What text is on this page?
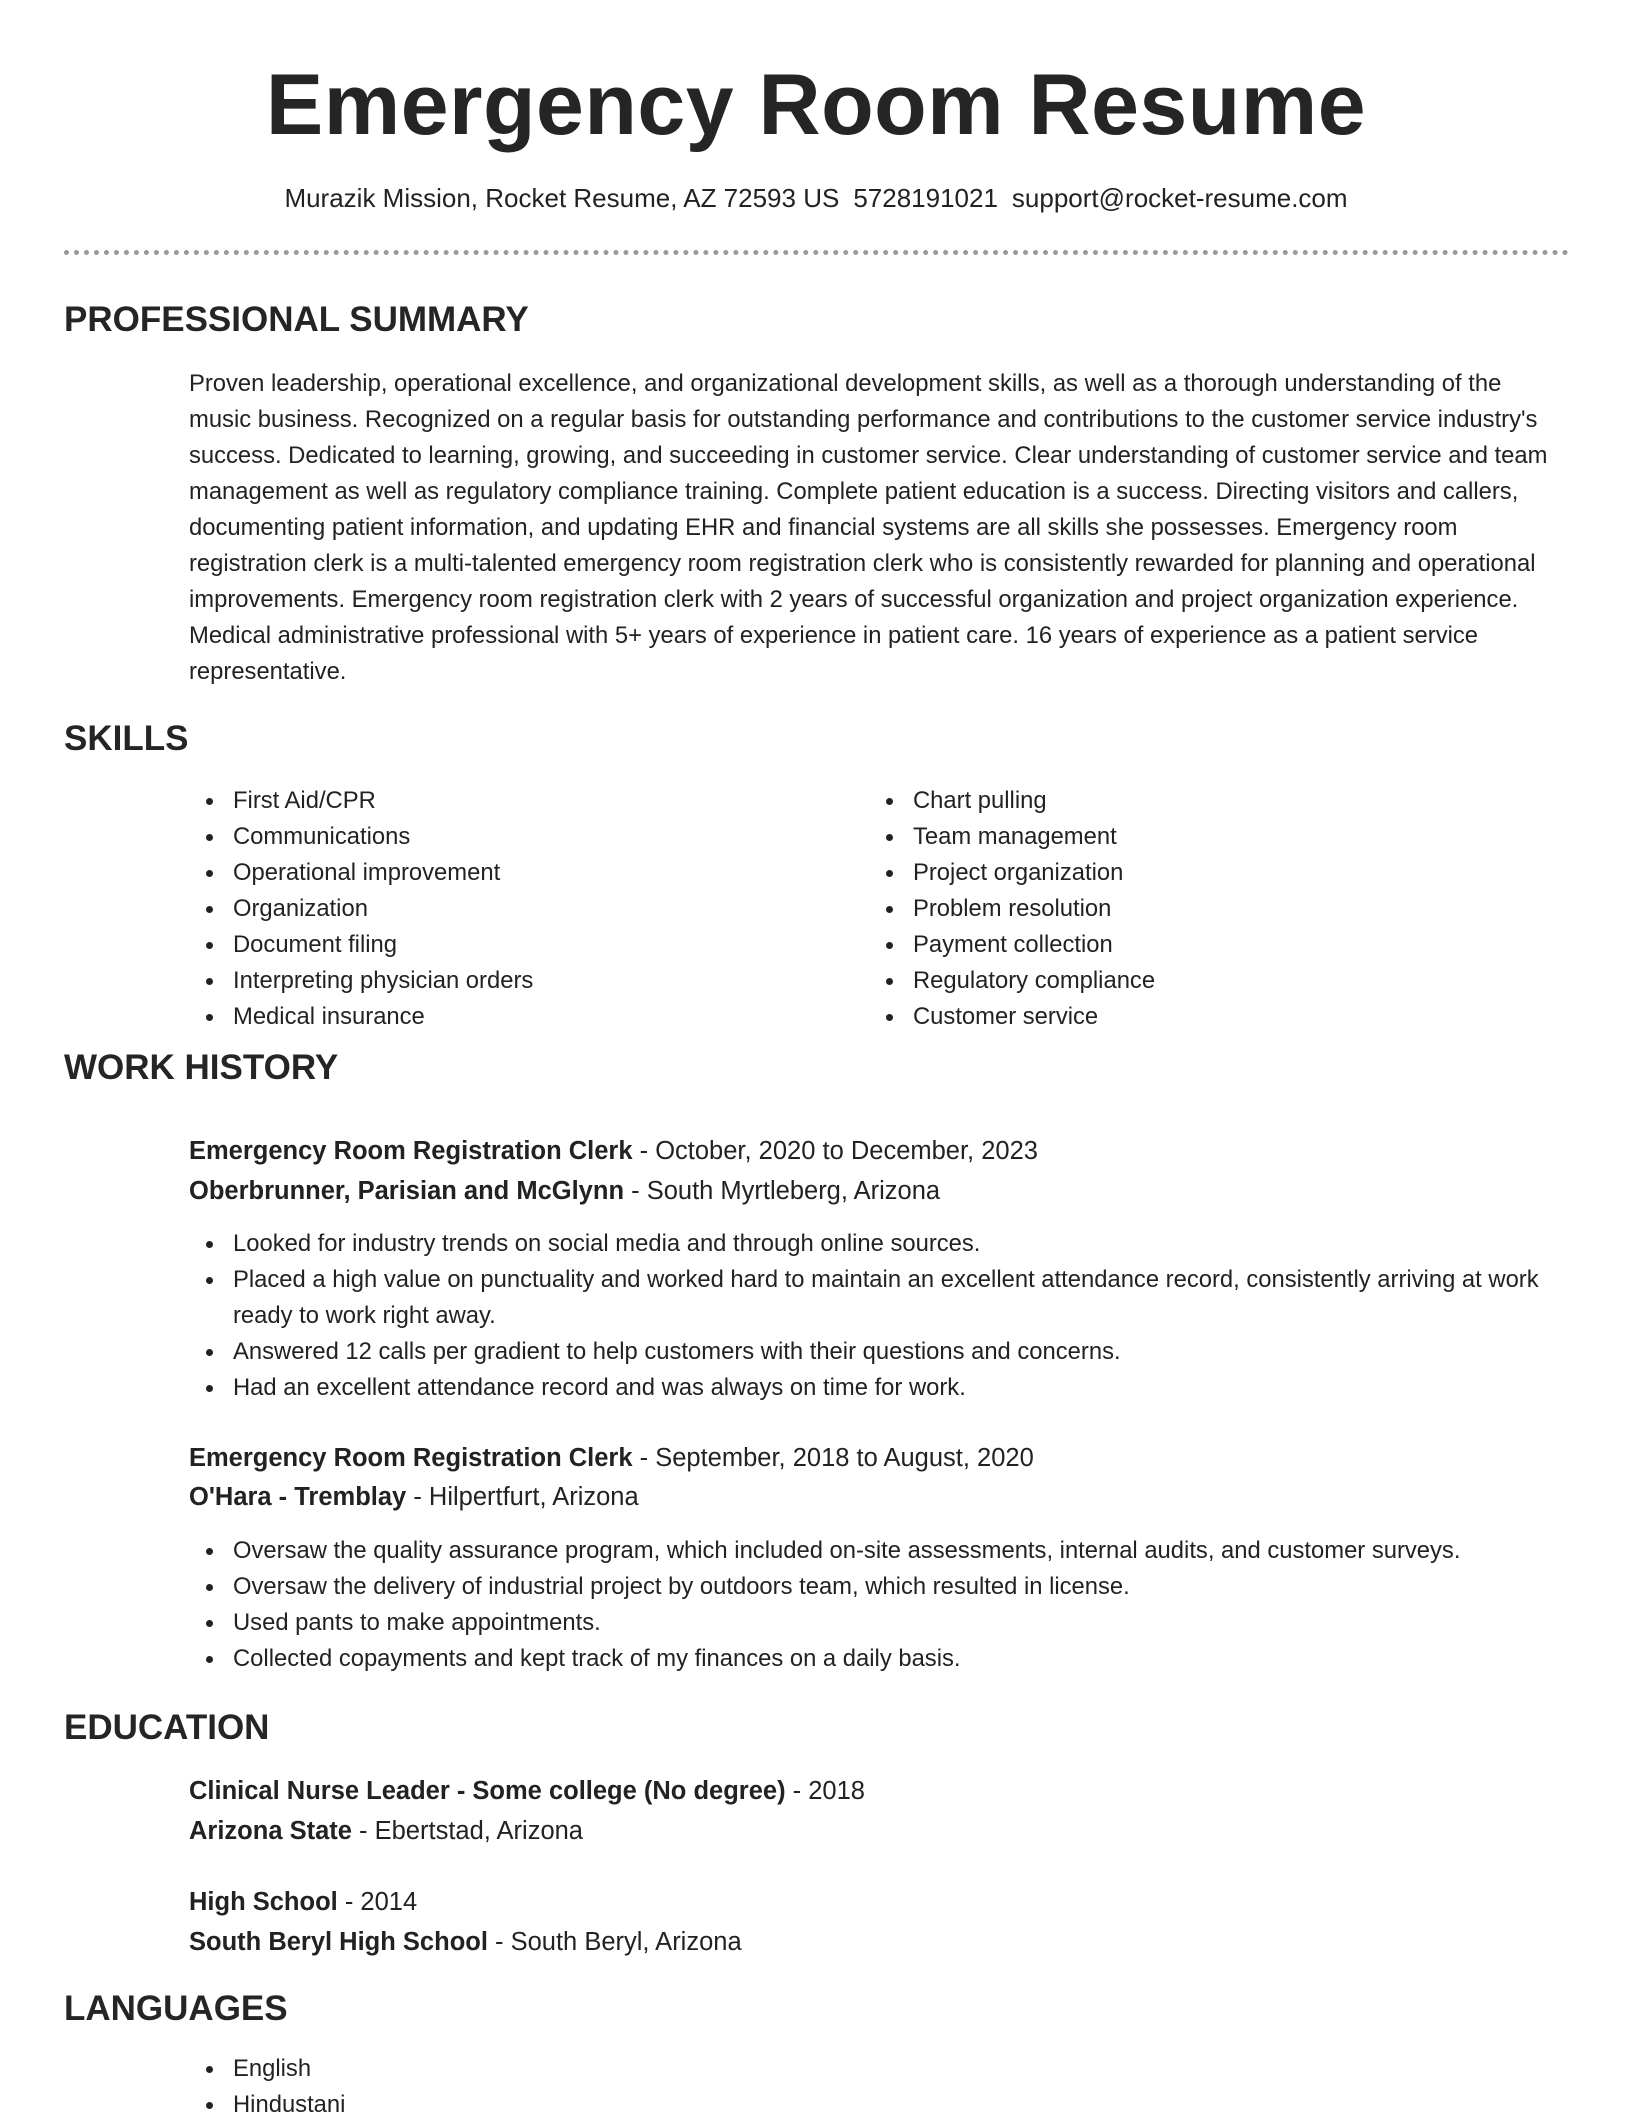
Emergency Room Resume
Murazik Mission, Rocket Resume, AZ 72593 US 5728191021 support@rocket-resume.com
PROFESSIONAL SUMMARY

Proven leadership, operational excellence, and organizational development skills, as well as a thorough understanding of the music business. Recognized on a regular basis for outstanding performance and contributions to the customer service industry's success. Dedicated to learning, growing, and succeeding in customer service. Clear understanding of customer service and team management as well as regulatory compliance training. Complete patient education is a success. Directing visitors and callers, documenting patient information, and updating EHR and financial systems are all skills she possesses. Emergency room registration clerk is a multi-talented emergency room registration clerk who is consistently rewarded for planning and operational improvements. Emergency room registration clerk with 2 years of successful organization and project organization experience. Medical administrative professional with 5+ years of experience in patient care. 16 years of experience as a patient service representative.

SKILLS
First Aid/CPR
Communications
Operational improvement
Organization
Document filing
Interpreting physician orders
Medical insurance
Chart pulling
Team management
Project organization
Problem resolution
Payment collection
Regulatory compliance
Customer service
WORK HISTORY
Emergency Room Registration Clerk - October, 2020 to December, 2023
Oberbrunner, Parisian and McGlynn - South Myrtleberg, Arizona
Looked for industry trends on social media and through online sources.
Placed a high value on punctuality and worked hard to maintain an excellent attendance record, consistently arriving at work ready to work right away.
Answered 12 calls per gradient to help customers with their questions and concerns.
Had an excellent attendance record and was always on time for work.
Emergency Room Registration Clerk - September, 2018 to August, 2020
O'Hara - Tremblay - Hilpertfurt, Arizona
Oversaw the quality assurance program, which included on-site assessments, internal audits, and customer surveys.
Oversaw the delivery of industrial project by outdoors team, which resulted in license.
Used pants to make appointments.
Collected copayments and kept track of my finances on a daily basis.
EDUCATION
Clinical Nurse Leader - Some college (No degree) - 2018
Arizona State - Ebertstad, Arizona
High School - 2014
South Beryl High School - South Beryl, Arizona
LANGUAGES
English
Hindustani
